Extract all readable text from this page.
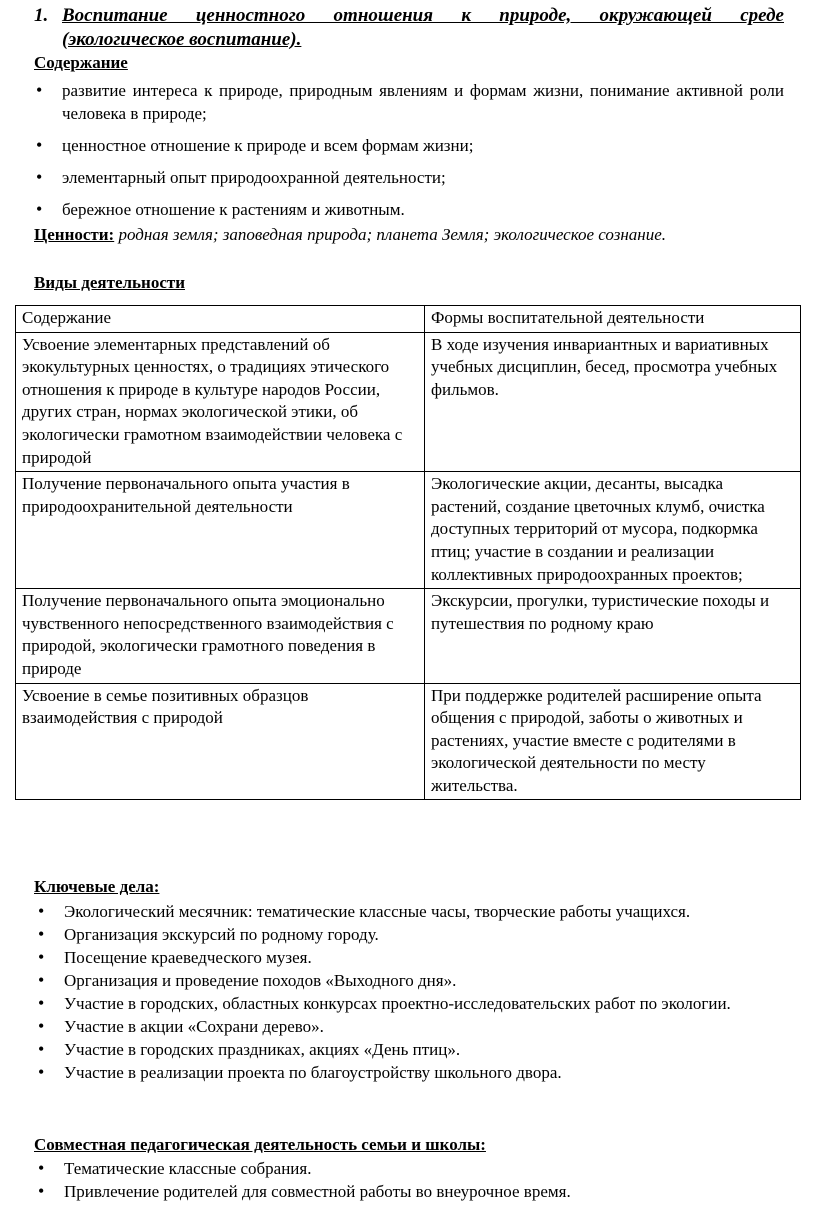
1. Воспитание ценностного отношения к природе, окружающей среде
(экологическое воспитание).
Содержание
• развитие интереса к природе, природным явлениям и формам жизни, понимание активной роли человека в природе;
• ценностное отношение к природе и всем формам жизни;
• элементарный опыт природоохранной деятельности;
• бережное отношение к растениям и животным.
Ценности: родная земля; заповедная природа; планета Земля; экологическое сознание.
Виды деятельности
Содержание	Формы воспитательной деятельности
Усвоение элементарных представлений об экокультурных ценностях, о традициях этического отношения к природе в культуре народов России, других стран, нормах экологической этики, об экологически грамотном взаимодействии человека с природой	В ходе изучения инвариантных и вариативных учебных дисциплин, бесед, просмотра учебных фильмов.
Получение первоначального опыта участия в природоохранительной деятельности	Экологические акции, десанты, высадка растений, создание цветочных клумб, очистка доступных территорий от мусора, подкормка птиц; участие в создании и реализации коллективных природоохранных проектов;
Получение первоначального опыта эмоционально чувственного непосредственного взаимодействия с природой, экологически грамотного поведения в природе	Экскурсии, прогулки, туристические походы и путешествия по родному краю
Усвоение в семье позитивных образцов взаимодействия с природой	При поддержке родителей расширение опыта общения с природой, заботы о животных и растениях, участие вместе с родителями в экологической деятельности по месту жительства.
Ключевые дела:
• Экологический месячник: тематические классные часы, творческие работы учащихся.
• Организация экскурсий по родному городу.
• Посещение краеведческого музея.
• Организация и проведение походов «Выходного дня».
• Участие в городских, областных конкурсах проектно-исследовательских работ по экологии.
• Участие в акции «Сохрани дерево».
• Участие в городских праздниках, акциях «День птиц».
• Участие в реализации проекта по благоустройству школьного двора.
Совместная педагогическая деятельность семьи и школы:
• Тематические классные собрания.
• Привлечение родителей для совместной работы во внеурочное время.
